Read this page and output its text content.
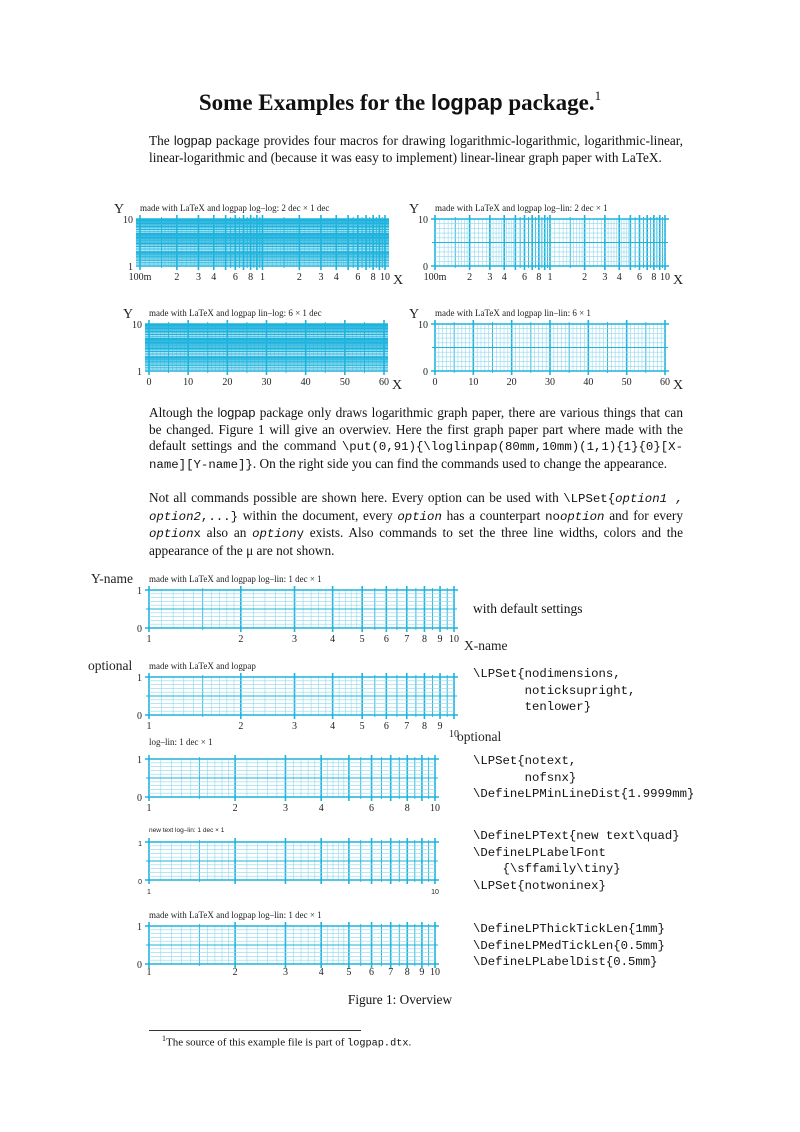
Some Examples for the logpap package.$^1$
The logpap package provides four macros for drawing logarithmic-logarithmic, logarithmic-linear, linear-logarithmic and (because it was easy to implement) linear-linear graph paper with LaTeX.
made with LaTeX and logpap log–log: 2 dec × 1 dec
1
10
100m 2 3 4 6 8 1	2 3 4 6 8 10 X
Y	made with LaTeX and logpap log–lin: 2 dec × 1
0
10
100m 2 3 4 6 8 1	2 3 4 6 8 10 X
Y
made with LaTeX and logpap lin–log: 6 × 1 dec
1
10
0	10	20	30	40	50	60 X
Y	made with LaTeX and logpap lin–lin: 6 × 1
0
10
0	10	20	30	40	50	60 X
Y
Altough the logpap package only draws logarithmic graph paper, there are various things that can be changed. Figure 1 will give an overwiev. Here the first graph paper part where made with the default settings and the command \put(0,91){\loglinpap(80mm,10mm)(1,1){1}{0}[X-name][Y-name]}. On the right side you can find the commands used to change the appearance.
Not all commands possible are shown here. Every option can be used with \LPSet{option1 , option2,...} within the document, every option has a counterpart nooption and for every optionx also an optiony exists. Also commands to set the three line widths, colors and the appearance of the μ are not shown.
made with LaTeX and logpap log–lin: 1 dec × 1
0
1
1	2	3	4 5 6 7 8 9 10 X-name
Y-name
with default settings
made with LaTeX and logpap
log–lin: 1 dec × 1
0
1
1	2	3	4 5 6 7 8 9
10
optional
optional
\LPSet{nodimensions,
noticksupright,
tenlower}
0
1
1	2	3	4	6	8 10
\LPSet{notext,
nofsnx}
\DefineLPMinLineDist{1.9999mm}
new text log–lin: 1 dec × 1
0
1
1	10
\DefineLPText{new text\quad}
\DefineLPLabelFont
{\sffamily\tiny}
\LPSet{notwoninex}
made with LaTeX and logpap log–lin: 1 dec × 1
0
1
1	2	3	4 5 6 7 8 9 10
\DefineLPThickTickLen{1mm}
\DefineLPMedTickLen{0.5mm}
\DefineLPLabelDist{0.5mm}
Figure 1: Overview
$^1$The source of this example file is part of logpap.dtx.
